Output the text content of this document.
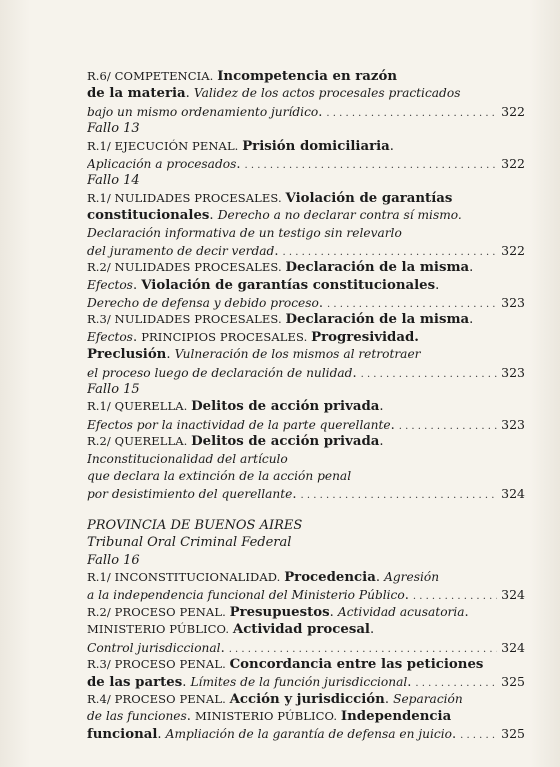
R.6/ COMPETENCIA. Incompetencia en razón
de la materia. Validez de los actos procesales practicados
bajo un mismo ordenamiento jurídico. . . .	322
Fallo 13
R.1/ EJECUCIÓN PENAL. Prisión domiciliaria.
Aplicación a procesados. . . .	322
Fallo 14
R.1/ NULIDADES PROCESALES. Violación de garantías
constitucionales. Derecho a no declarar contra sí mismo.
Declaración informativa de un testigo sin relevarlo
del juramento de decir verdad. . . .	322
R.2/ NULIDADES PROCESALES. Declaración de la misma.
Efectos. Violación de garantías constitucionales.
Derecho de defensa y debido proceso. . . .	323
R.3/ NULIDADES PROCESALES. Declaración de la misma.
Efectos. PRINCIPIOS PROCESALES. Progresividad.
Preclusión. Vulneración de los mismos al retrotraer
el proceso luego de declaración de nulidad. . . .	323
Fallo 15
R.1/ QUERELLA. Delitos de acción privada.
Efectos por la inactividad de la parte querellante. . . .	323
R.2/ QUERELLA. Delitos de acción privada.
Inconstitucionalidad del artículo
que declara la extinción de la acción penal
por desistimiento del querellante. . . .	324
PROVINCIA DE BUENOS AIRES
Tribunal Oral Criminal Federal
Fallo 16
R.1/ INCONSTITUCIONALIDAD. Procedencia. Agresión
a la independencia funcional del Ministerio Público. . . .	324
R.2/ PROCESO PENAL. Presupuestos. Actividad acusatoria.
MINISTERIO PÚBLICO. Actividad procesal.
Control jurisdiccional. . . .	324
R.3/ PROCESO PENAL. Concordancia entre las peticiones
de las partes. Límites de la función jurisdiccional. . . .	325
R.4/ PROCESO PENAL. Acción y jurisdicción. Separación
de las funciones. MINISTERIO PÚBLICO. Independencia
funcional. Ampliación de la garantía de defensa en juicio. . . .	325
